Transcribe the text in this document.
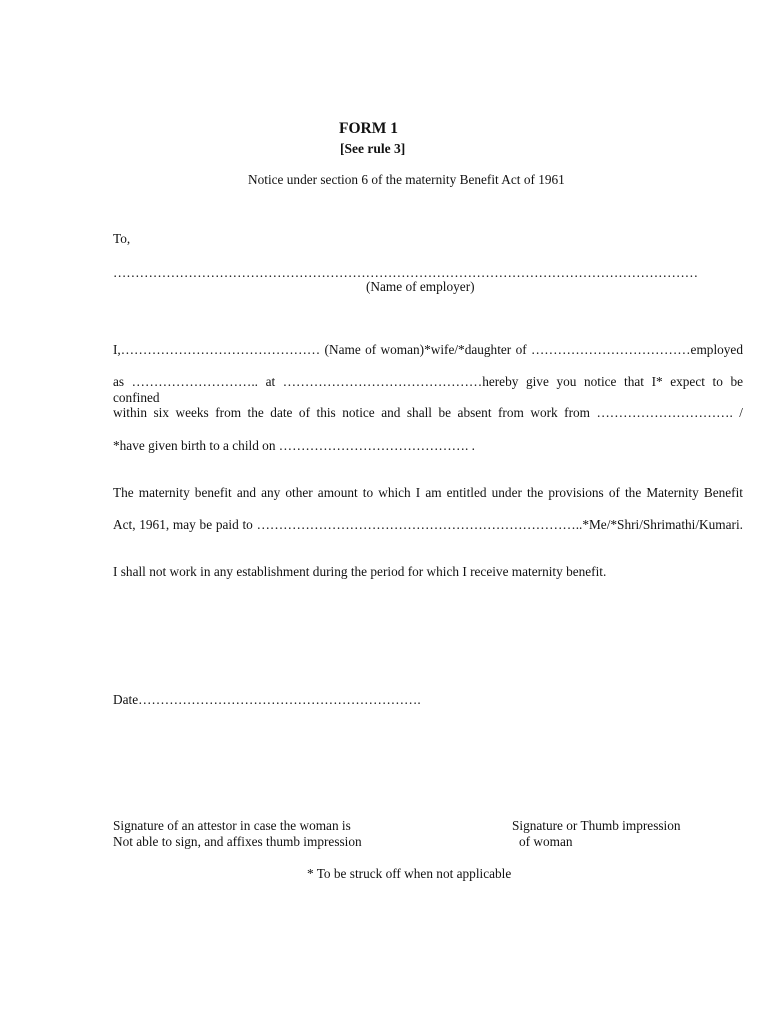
FORM 1
[See rule 3]
Notice under section 6 of the maternity Benefit Act of 1961
To,
……………………………………………………………………………………………………………………
(Name of employer)
I,……………………………………… (Name of woman)*wife/*daughter of ………………………………employed
as ……………………….. at ………………………………………hereby give you notice that I* expect to be confined
within six weeks from the date of this notice and shall be absent from work from …………………………. /
*have given birth to a child on ……………………………………. .
The maternity benefit and any other amount to which I am entitled under the provisions of the Maternity Benefit
Act, 1961, may be paid to ………………………………………………………………..*Me/*Shri/Shrimathi/Kumari.
I shall not work in any establishment during the period for which I receive maternity benefit.
Date……………………………………………………….
Signature of an attestor in case the woman is
Not able to sign, and affixes thumb impression
Signature or Thumb impression
of woman
* To be struck off when not applicable
